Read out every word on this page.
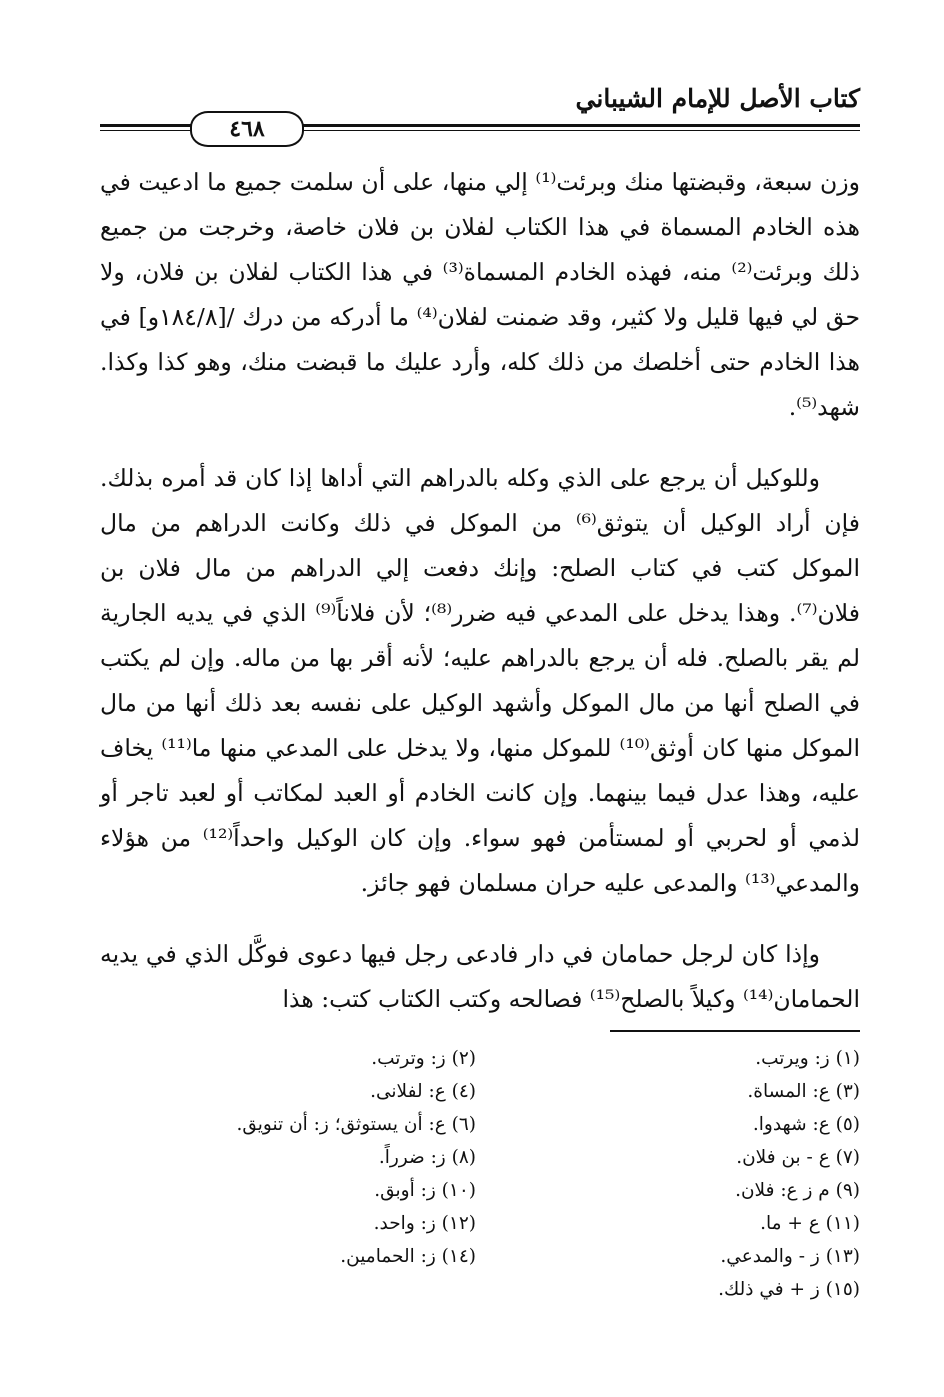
كتاب الأصل للإمام الشيباني
٤٦٨

وزن سبعة، وقبضتها منك وبرئت⁽¹⁾ إلي منها، على أن سلمت جميع ما ادعيت في هذه الخادم المسماة في هذا الكتاب لفلان بن فلان خاصة، وخرجت من جميع ذلك وبرئت⁽²⁾ منه، فهذه الخادم المسماة⁽³⁾ في هذا الكتاب لفلان بن فلان، ولا حق لي فيها قليل ولا كثير، وقد ضمنت لفلان⁽⁴⁾ ما أدركه من درك /[١٨٤/٨و] في هذا الخادم حتى أخلصك من ذلك كله، وأرد عليك ما قبضت منك، وهو كذا وكذا. شهد⁽⁵⁾.

وللوكيل أن يرجع على الذي وكله بالدراهم التي أداها إذا كان قد أمره بذلك. فإن أراد الوكيل أن يتوثق⁽⁶⁾ من الموكل في ذلك وكانت الدراهم من مال الموكل كتب في كتاب الصلح: وإنك دفعت إلي الدراهم من مال فلان بن فلان⁽⁷⁾. وهذا يدخل على المدعي فيه ضرر⁽⁸⁾؛ لأن فلاناً⁽⁹⁾ الذي في يديه الجارية لم يقر بالصلح. فله أن يرجع بالدراهم عليه؛ لأنه أقر بها من ماله. وإن لم يكتب في الصلح أنها من مال الموكل وأشهد الوكيل على نفسه بعد ذلك أنها من مال الموكل منها كان أوثق⁽¹⁰⁾ للموكل منها، ولا يدخل على المدعي منها ما⁽¹¹⁾ يخاف عليه، وهذا عدل فيما بينهما. وإن كانت الخادم أو العبد لمكاتب أو لعبد تاجر أو لذمي أو لحربي أو لمستأمن فهو سواء. وإن كان الوكيل واحداً⁽¹²⁾ من هؤلاء والمدعي⁽¹³⁾ والمدعى عليه حران مسلمان فهو جائز.

وإذا كان لرجل حمامان في دار فادعى رجل فيها دعوى فوكَّل الذي في يديه الحمامان⁽¹⁴⁾ وكيلاً بالصلح⁽¹⁵⁾ فصالحه وكتب الكتاب كتب: هذا

(١) ز: ويرتب.
(٣) ع: المساة.
(٥) ع: شهدوا.
(٧) ع - بن فلان.
(٩) م ز ع: فلان.
(١١) ع + ما.
(١٣) ز - والمدعي.
(١٥) ز + في ذلك.
(٢) ز: وترتب.
(٤) ع: لفلانى.
(٦) ع: أن يستوثق؛ ز: أن تنويق.
(٨) ز: ضرراً.
(١٠) ز: أوبق.
(١٢) ز: واحد.
(١٤) ز: الحمامين.
